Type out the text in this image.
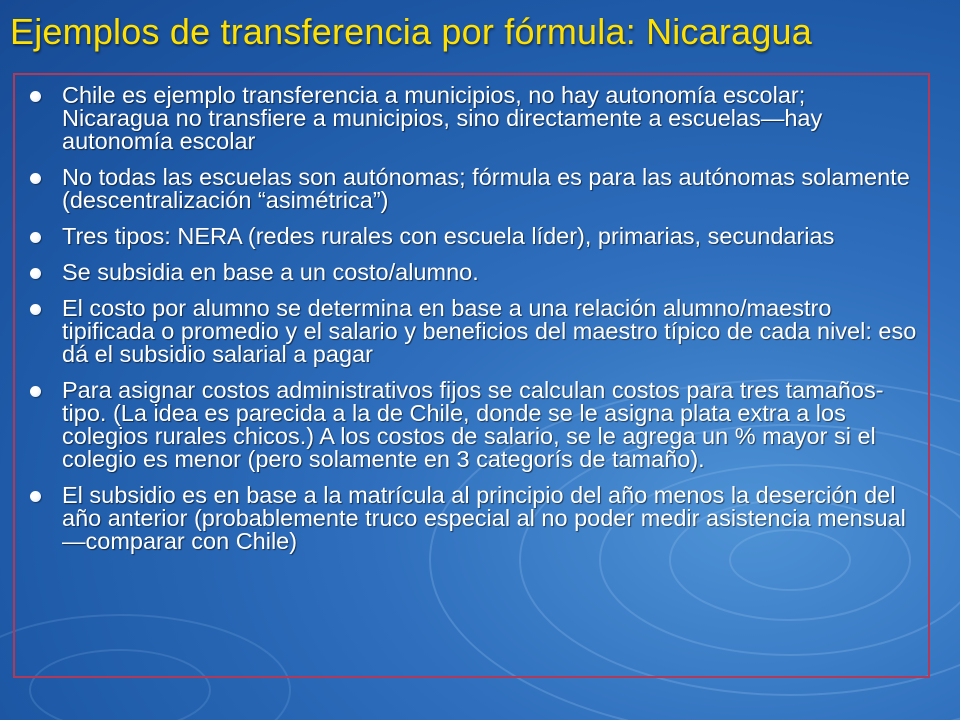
Ejemplos de transferencia por fórmula: Nicaragua
Chile es ejemplo transferencia a municipios, no hay autonomía escolar; Nicaragua no transfiere a municipios, sino directamente a escuelas—hay autonomía escolar
No todas las escuelas son autónomas; fórmula es para las autónomas solamente (descentralización “asimétrica”)
Tres tipos: NERA (redes rurales con escuela líder), primarias, secundarias
Se subsidia en base a un costo/alumno.
El costo por alumno se determina en base a una relación alumno/maestro tipificada o promedio y el salario y beneficios del maestro típico de cada nivel: eso dá el subsidio salarial a pagar
Para asignar costos administrativos fijos se calculan costos para tres tamaños-tipo. (La idea es parecida a la de Chile, donde se le asigna plata extra a los colegios rurales chicos.) A los costos de salario, se le agrega un % mayor si el colegio es menor (pero solamente en 3 categorís de tamaño).
El subsidio es en base a la matrícula al principio del año menos la deserción del año anterior (probablemente truco especial al no poder medir asistencia mensual—comparar con Chile)
